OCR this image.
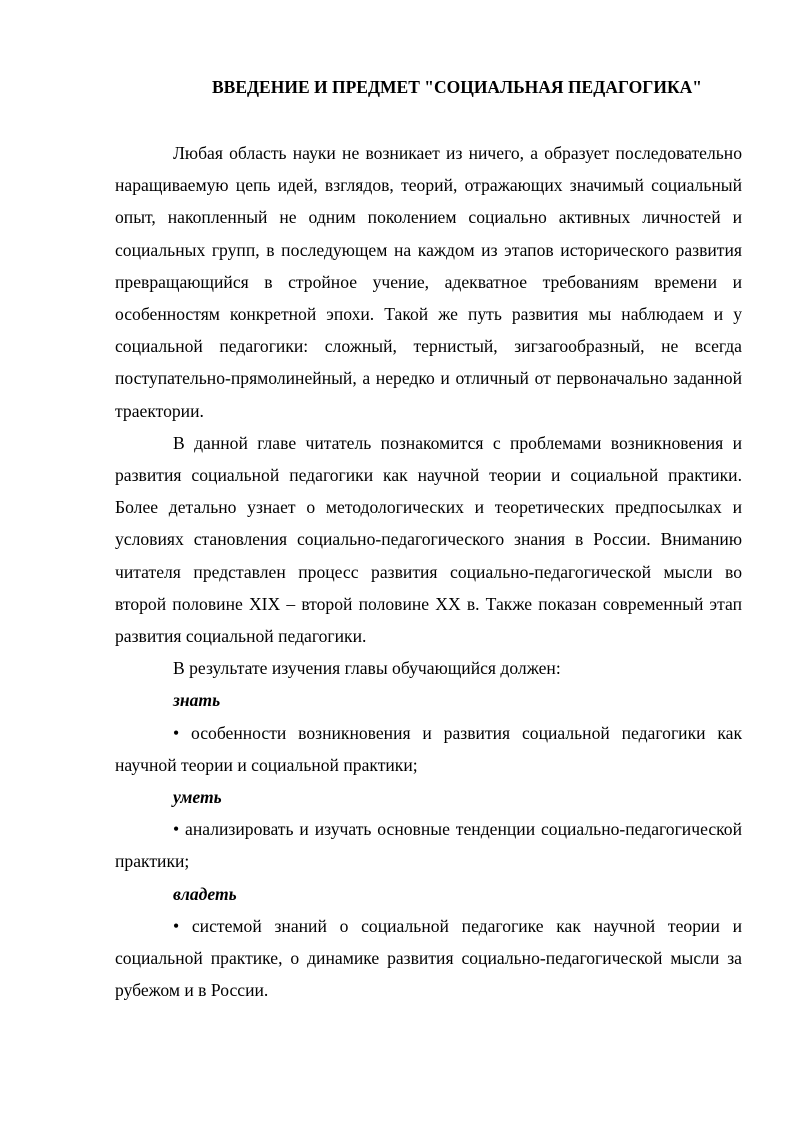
ВВЕДЕНИЕ И ПРЕДМЕТ "СОЦИАЛЬНАЯ ПЕДАГОГИКА"

Любая область науки не возникает из ничего, а образует последовательно наращиваемую цепь идей, взглядов, теорий, отражающих значимый социальный опыт, накопленный не одним поколением социально активных личностей и социальных групп, в последующем на каждом из этапов исторического развития превращающийся в стройное учение, адекватное требованиям времени и особенностям конкретной эпохи. Такой же путь развития мы наблюдаем и у социальной педагогики: сложный, тернистый, зигзагообразный, не всегда поступательно-прямолинейный, а нередко и отличный от первоначально заданной траектории.

В данной главе читатель познакомится с проблемами возникновения и развития социальной педагогики как научной теории и социальной практики. Более детально узнает о методологических и теоретических предпосылках и условиях становления социально-педагогического знания в России. Вниманию читателя представлен процесс развития социально-педагогической мысли во второй половине XIX – второй половине XX в. Также показан современный этап развития социальной педагогики.

В результате изучения главы обучающийся должен:

знать

• особенности возникновения и развития социальной педагогики как научной теории и социальной практики;

уметь

• анализировать и изучать основные тенденции социально-педагогической практики;

владеть

• системой знаний о социальной педагогике как научной теории и социальной практике, о динамике развития социально-педагогической мысли за рубежом и в России.
